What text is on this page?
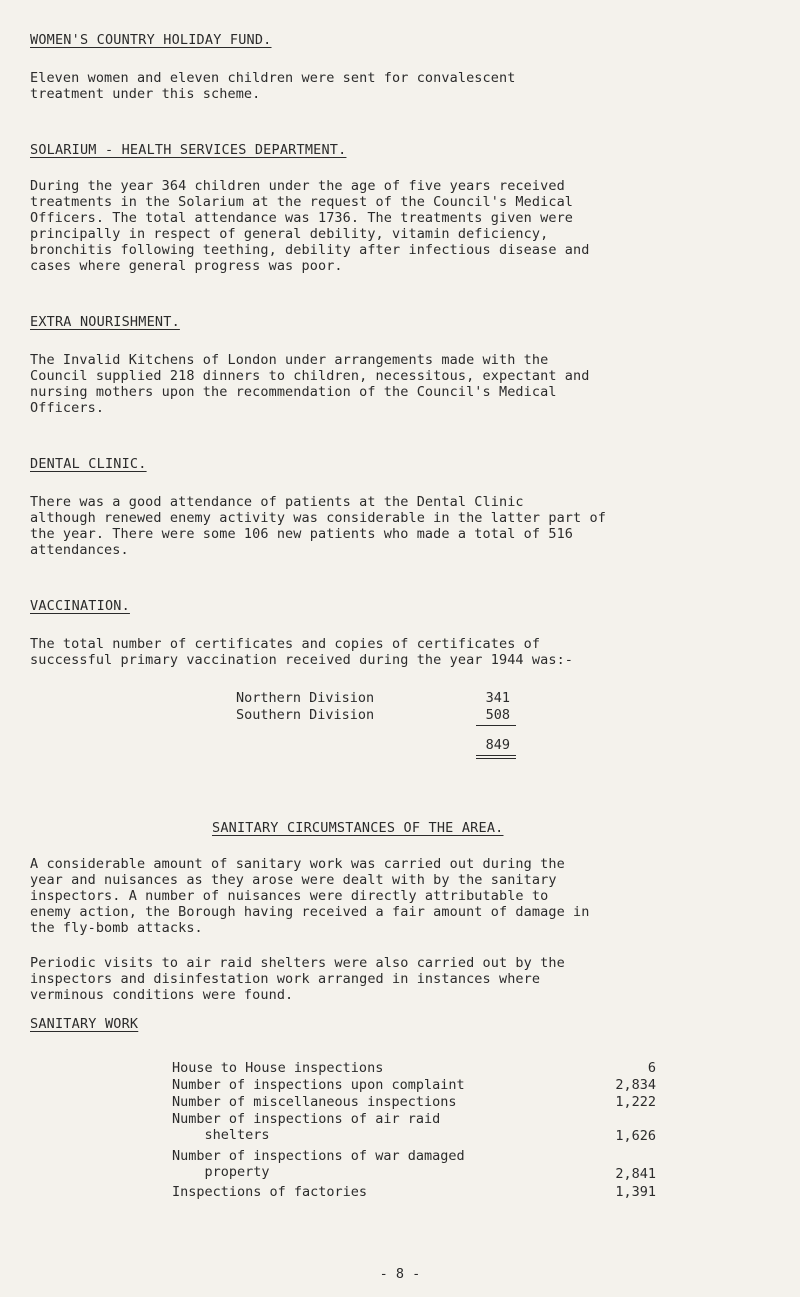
WOMEN'S COUNTRY HOLIDAY FUND.
Eleven women and eleven children were sent for convalescent
treatment under this scheme.
SOLARIUM - HEALTH SERVICES DEPARTMENT.
During the year 364 children under the age of five years received
treatments in the Solarium at the request of the Council's Medical
Officers. The total attendance was 1736. The treatments given were
principally in respect of general debility, vitamin deficiency,
bronchitis following teething, debility after infectious disease and
cases where general progress was poor.
EXTRA NOURISHMENT.
The Invalid Kitchens of London under arrangements made with the
Council supplied 218 dinners to children, necessitous, expectant and
nursing mothers upon the recommendation of the Council's Medical
Officers.
DENTAL CLINIC.
There was a good attendance of patients at the Dental Clinic
although renewed enemy activity was considerable in the latter part of
the year. There were some 106 new patients who made a total of 516
attendances.
VACCINATION.
The total number of certificates and copies of certificates of
successful primary vaccination received during the year 1944 was:-
Northern Division	341
Southern Division	508
849
SANITARY CIRCUMSTANCES OF THE AREA.
A considerable amount of sanitary work was carried out during the
year and nuisances as they arose were dealt with by the sanitary
inspectors. A number of nuisances were directly attributable to
enemy action, the Borough having received a fair amount of damage in
the fly-bomb attacks.
Periodic visits to air raid shelters were also carried out by the
inspectors and disinfestation work arranged in instances where
verminous conditions were found.
SANITARY WORK
House to House inspections	6
Number of inspections upon complaint	2,834
Number of miscellaneous inspections	1,222
Number of inspections of air raid
shelters	1,626
Number of inspections of war damaged
property	2,841
Inspections of factories	1,391
- 8 -
